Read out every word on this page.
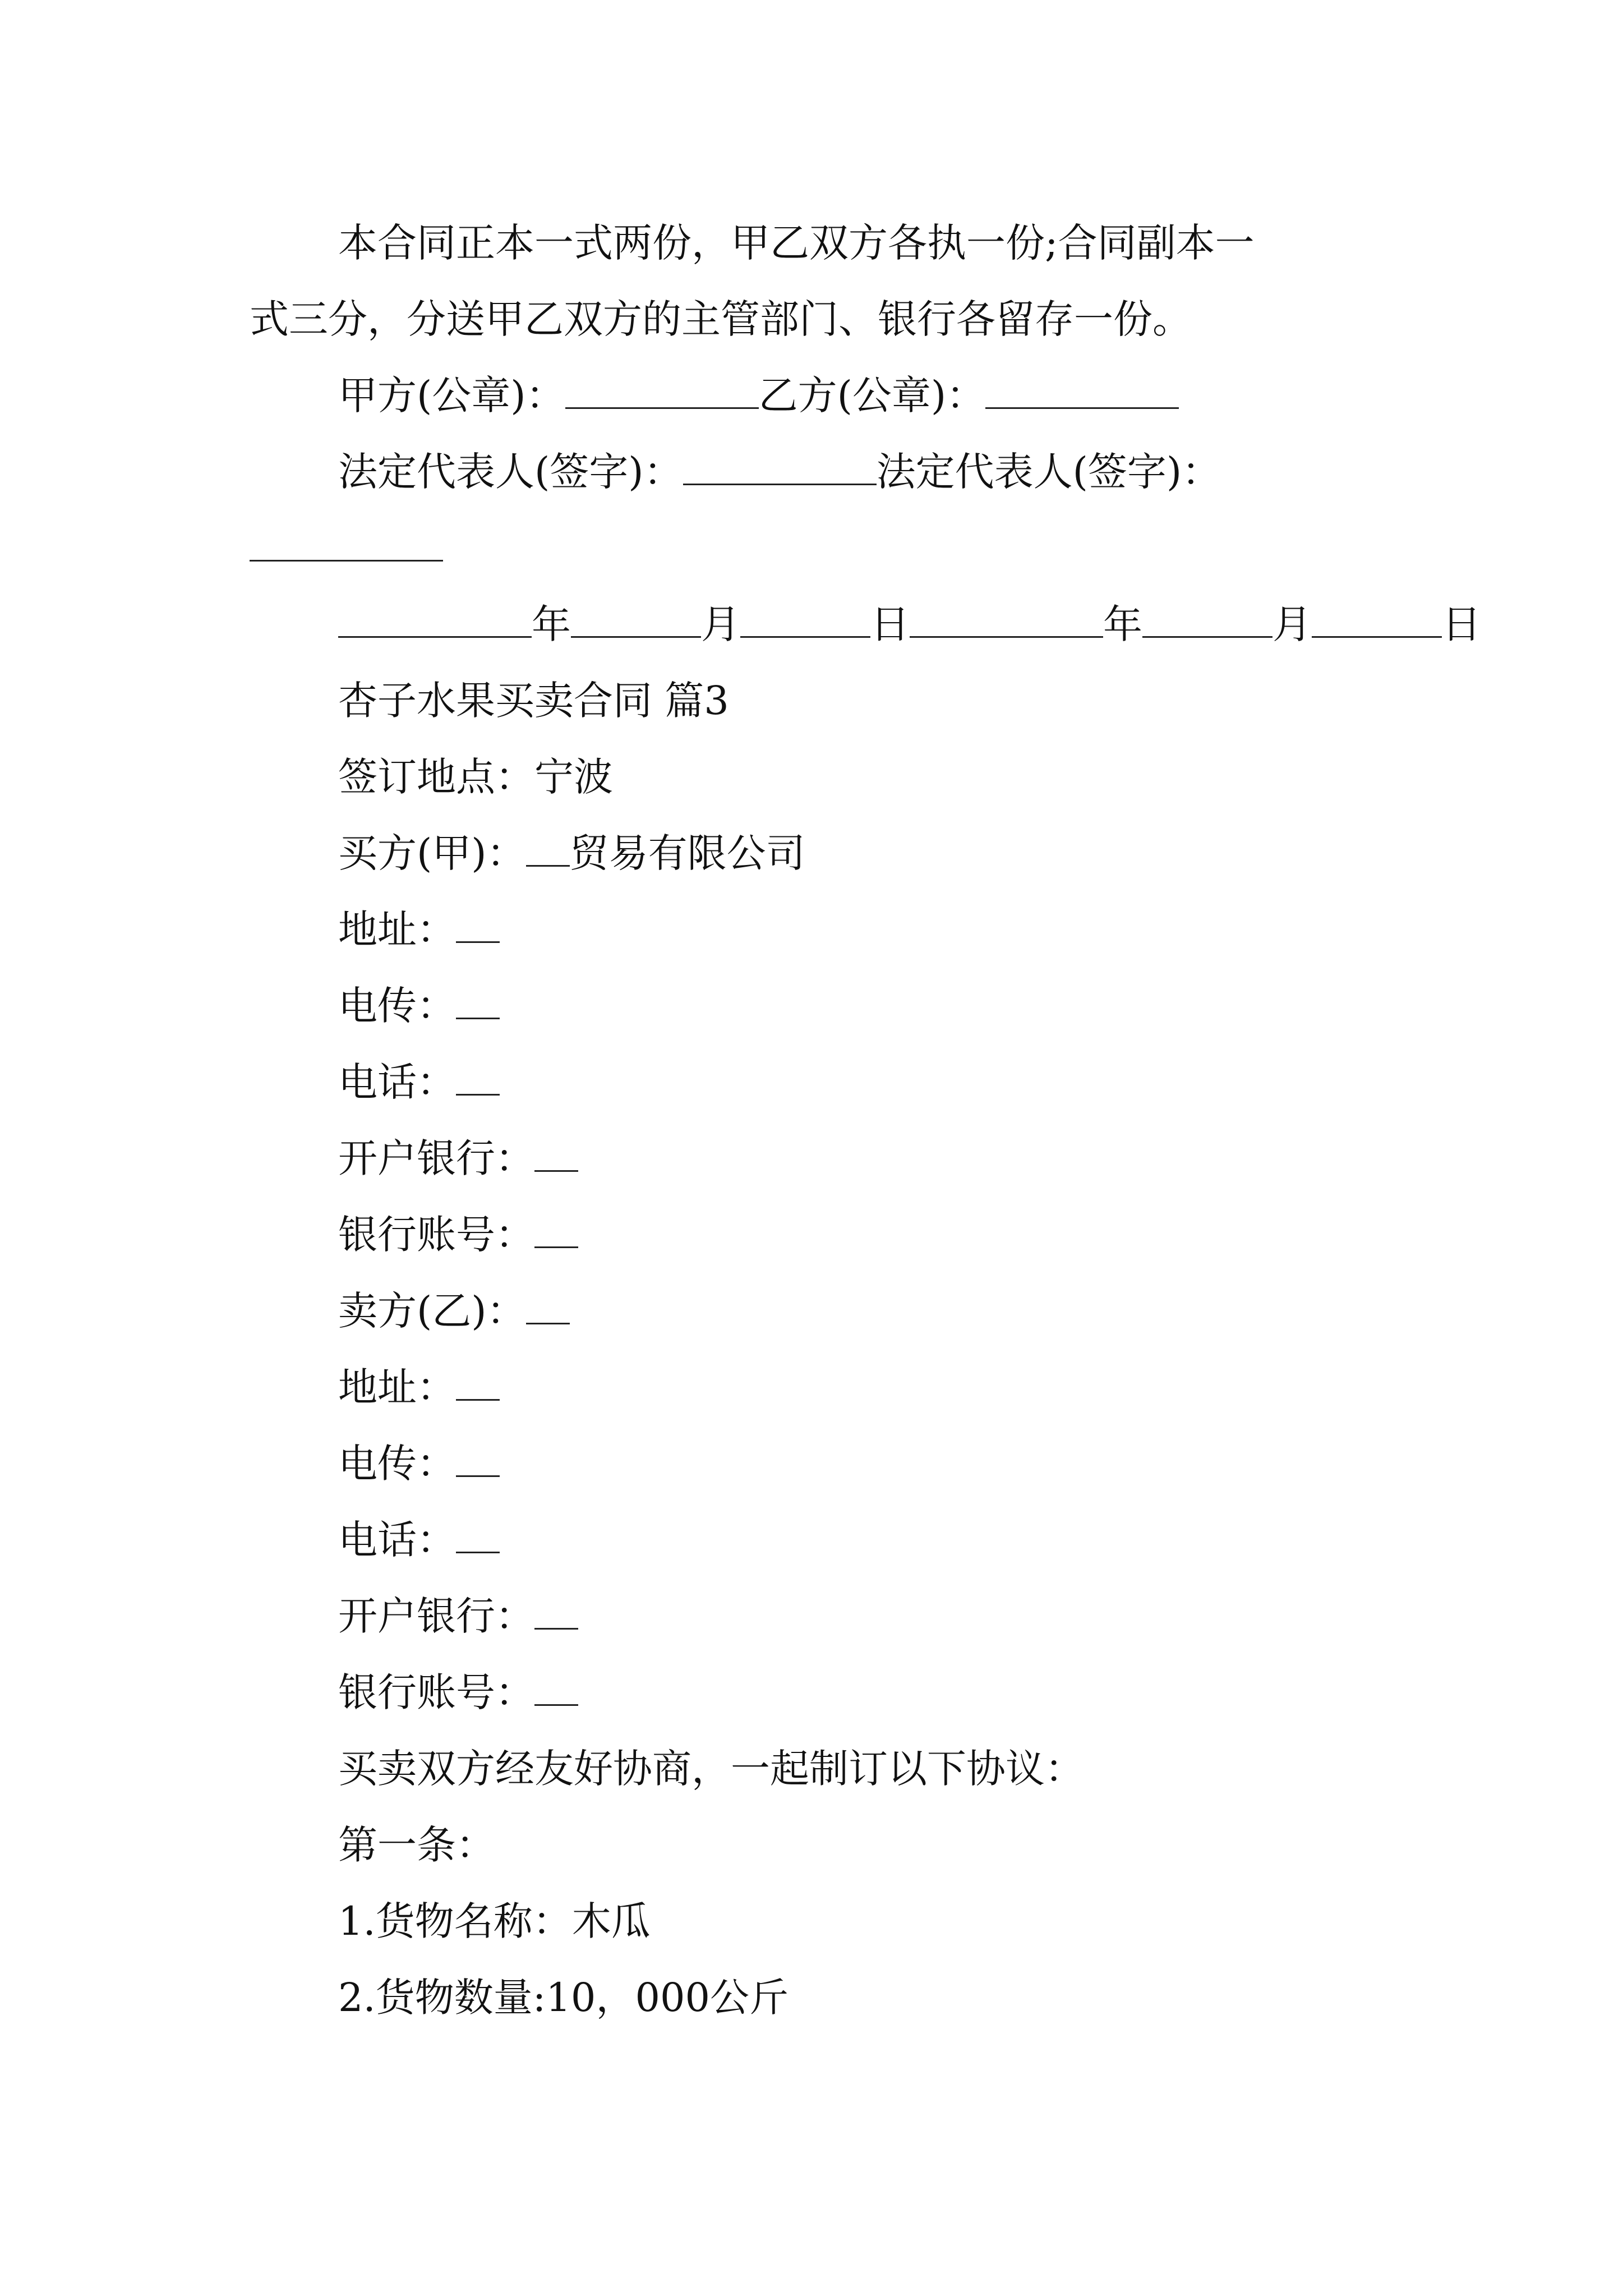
本合同正本一式两份，甲乙双方各执一份;合同副本一
式三分，分送甲乙双方的主管部门、银行各留存一份。
甲方(公章)：	乙方(公章)：
法定代表人(签字)：	法定代表人(签字)：
年	月	日	年	月	日
杏子水果买卖合同 篇3
签订地点：宁波
买方(甲)： 贸易有限公司
地址：
电传：
电话：
开户银行：
银行账号：
卖方(乙)：
地址：
电传：
电话：
开户银行：
银行账号：
买卖双方经友好协商，一起制订以下协议：
第一条：
1.货物名称：木瓜
2.货物数量:10，000公斤
